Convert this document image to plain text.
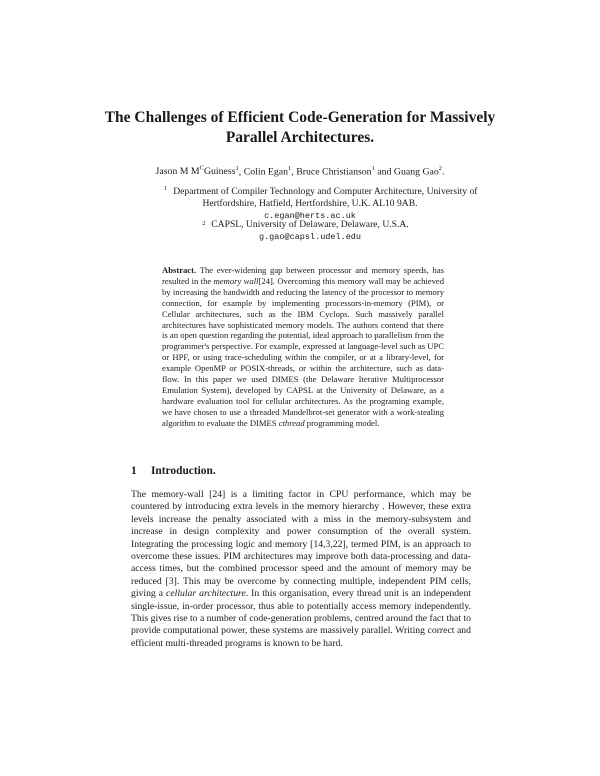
The Challenges of Efficient Code-Generation for Massively Parallel Architectures.
Jason M $M^CGuiness^1$, Colin Egan$^1$, Bruce Christianson$^1$ and Guang Gao$^2$.
$^1$ Department of Compiler Technology and Computer Architecture, University of
Hertfordshire, Hatfield, Hertfordshire, U.K. AL10 9AB.
c.egan@herts.ac.uk
2 CAPSL, University of Delaware, Delaware, U.S.A.
g.gao@capsl.udel.edu

Abstract. The ever-widening gap between processor and memory speeds, has resulted in the memory wall[24]. Overcoming this memory wall may be achieved by increasing the bandwidth and reducing the latency of the processor to memory connection, for example by implementing processors-in-memory (PIM), or Cellular architectures, such as the IBM Cyclops. Such massively parallel architectures have sophisticated memory models. The authors contend that there is an open question regarding the potential, ideal approach to parallelism from the programmer's perspective. For example, expressed at language-level such as UPC or HPF, or using trace-scheduling within the compiler, or at a library-level, for example OpenMP or POSIX-threads, or within the architecture, such as data-flow. In this paper we used DIMES (the Delaware Iterative Multiprocessor Emulation System), developed by CAPSL at the University of Delaware, as a hardware evaluation tool for cellular architectures. As the programing example, we have chosen to use a threaded Mandelbrot-set generator with a work-stealing algorithm to evaluate the DIMES cthread programming model.

1 Introduction.

The memory-wall [24] is a limiting factor in CPU performance, which may be countered by introducing extra levels in the memory hierarchy . However, these extra levels increase the penalty associated with a miss in the memory-subsystem and increase in design complexity and power consumption of the overall system. Integrating the processing logic and memory [14,3,22], termed PIM, is an approach to overcome these issues. PIM architectures may improve both data-processing and data-access times, but the combined processor speed and the amount of memory may be reduced [3]. This may be overcome by connecting multiple, independent PIM cells, giving a cellular architecture. In this organisation, every thread unit is an independent single-issue, in-order processor, thus able to potentially access memory independently. This gives rise to a number of code-generation problems, centred around the fact that to provide computational power, these systems are massively parallel. Writing correct and efficient multi-threaded programs is known to be hard.
